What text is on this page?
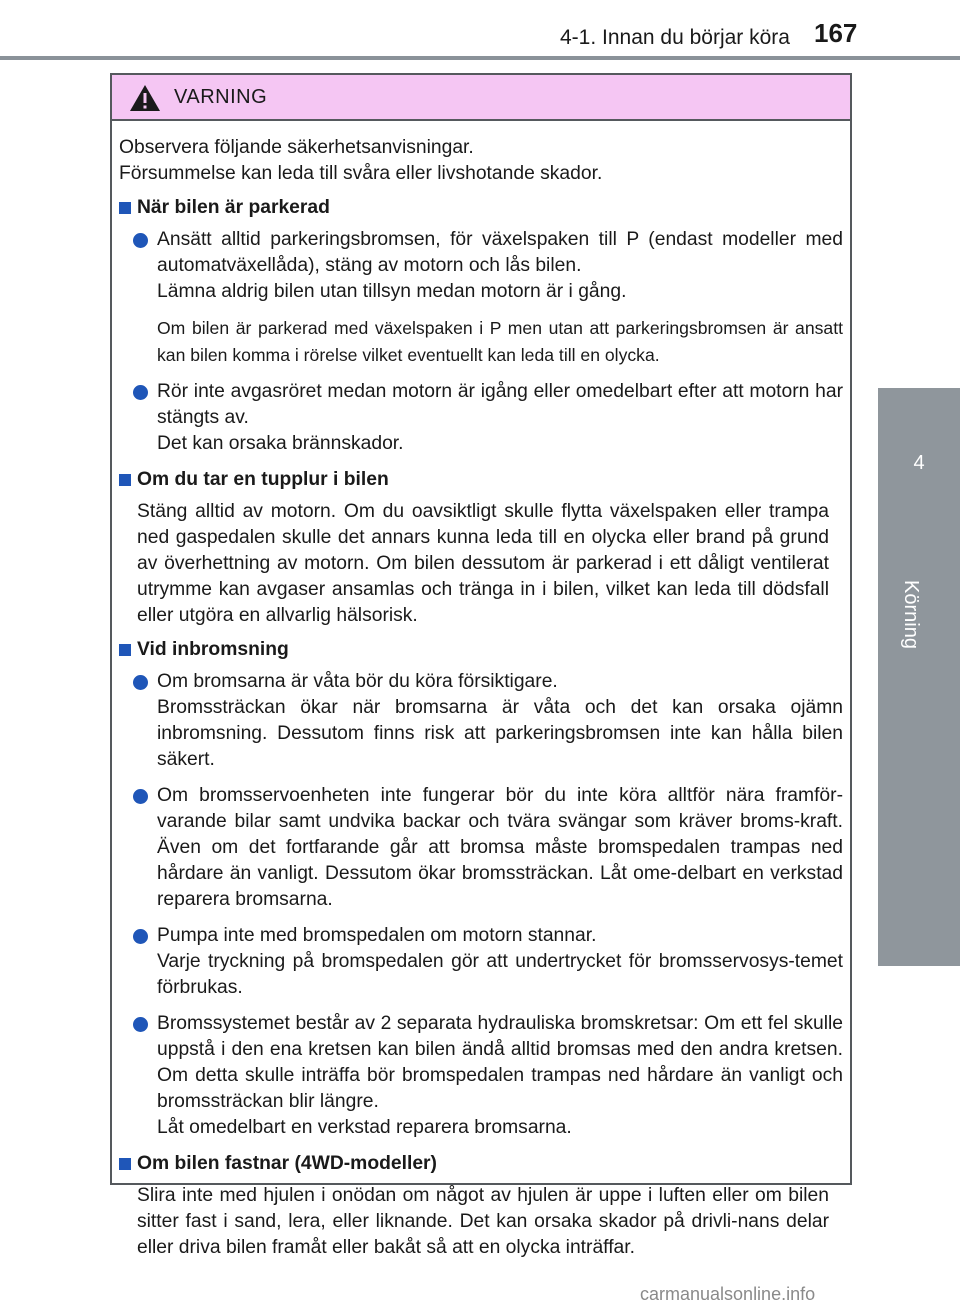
4-1. Innan du börjar köra 167
4
Körning
VARNING

Observera följande säkerhetsanvisningar.

Försummelse kan leda till svåra eller livshotande skador.

När bilen är parkerad

Ansätt alltid parkeringsbromsen, för växelspaken till P (endast modeller med automatväxellåda), stäng av motorn och lås bilen.
Lämna aldrig bilen utan tillsyn medan motorn är i gång.

Om bilen är parkerad med växelspaken i P men utan att parkeringsbromsen är ansatt kan bilen komma i rörelse vilket eventuellt kan leda till en olycka.

Rör inte avgasröret medan motorn är igång eller omedelbart efter att motorn har stängts av.
Det kan orsaka brännskador.

Om du tar en tupplur i bilen

Stäng alltid av motorn. Om du oavsiktligt skulle flytta växelspaken eller trampa ned gaspedalen skulle det annars kunna leda till en olycka eller brand på grund av överhettning av motorn. Om bilen dessutom är parkerad i ett dåligt ventilerat utrymme kan avgaser ansamlas och tränga in i bilen, vilket kan leda till dödsfall eller utgöra en allvarlig hälsorisk.

Vid inbromsning

Om bromsarna är våta bör du köra försiktigare.
Bromssträckan ökar när bromsarna är våta och det kan orsaka ojämn inbromsning. Dessutom finns risk att parkeringsbromsen inte kan hålla bilen säkert.
Om bromsservoenheten inte fungerar bör du inte köra alltför nära framför-varande bilar samt undvika backar och tvära svängar som kräver broms-kraft. Även om det fortfarande går att bromsa måste bromspedalen trampas ned hårdare än vanligt. Dessutom ökar bromssträckan. Låt ome-delbart en verkstad reparera bromsarna.
Pumpa inte med bromspedalen om motorn stannar.
Varje tryckning på bromspedalen gör att undertrycket för bromsservosys-temet förbrukas.
Bromssystemet består av 2 separata hydrauliska bromskretsar: Om ett fel skulle uppstå i den ena kretsen kan bilen ändå alltid bromsas med den andra kretsen. Om detta skulle inträffa bör bromspedalen trampas ned hårdare än vanligt och bromssträckan blir längre.
Låt omedelbart en verkstad reparera bromsarna.

Om bilen fastnar (4WD-modeller)

Slira inte med hjulen i onödan om något av hjulen är uppe i luften eller om bilen sitter fast i sand, lera, eller liknande. Det kan orsaka skador på drivli-nans delar eller driva bilen framåt eller bakåt så att en olycka inträffar.

carmanualsonline.info
